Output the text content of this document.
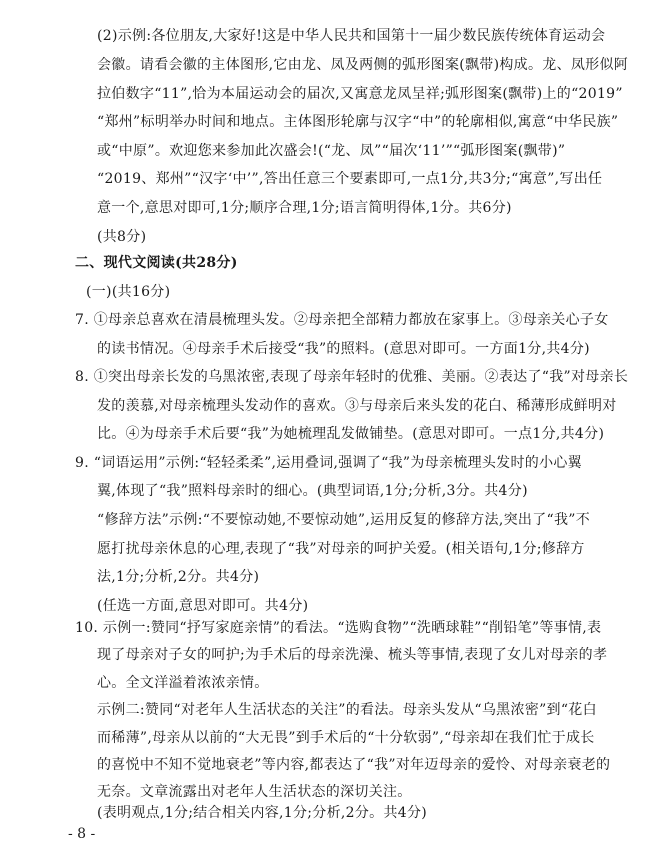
(2)示例:各位朋友,大家好!这是中华人民共和国第十一届少数民族传统体育运动会
会徽。请看会徽的主体图形,它由龙、凤及两侧的弧形图案(飘带)构成。龙、凤形似阿
拉伯数字“11”,恰为本届运动会的届次,又寓意龙凤呈祥;弧形图案(飘带)上的“2019”
“郑州”标明举办时间和地点。主体图形轮廓与汉字“中”的轮廓相似,寓意“中华民族”
或“中原”。欢迎您来参加此次盛会!(“龙、凤”“届次‘11’”“弧形图案(飘带)”
“2019、郑州”“汉字‘中’”,答出任意三个要素即可,一点1分,共3分;“寓意”,写出任
意一个,意思对即可,1分;顺序合理,1分;语言简明得体,1分。共6分)
(共8分)
二、现代文阅读(共28分)
(一)(共16分)
7. ①母亲总喜欢在清晨梳理头发。②母亲把全部精力都放在家事上。③母亲关心子女
的读书情况。④母亲手术后接受“我”的照料。(意思对即可。一方面1分,共4分)
8. ①突出母亲长发的乌黑浓密,表现了母亲年轻时的优雅、美丽。②表达了“我”对母亲长
发的羡慕,对母亲梳理头发动作的喜欢。③与母亲后来头发的花白、稀薄形成鲜明对
比。④为母亲手术后要“我”为她梳理乱发做铺垫。(意思对即可。一点1分,共4分)
9. “词语运用”示例:“轻轻柔柔”,运用叠词,强调了“我”为母亲梳理头发时的小心翼
翼,体现了“我”照料母亲时的细心。(典型词语,1分;分析,3分。共4分)
“修辞方法”示例:“不要惊动她,不要惊动她”,运用反复的修辞方法,突出了“我”不
愿打扰母亲休息的心理,表现了“我”对母亲的呵护关爱。(相关语句,1分;修辞方
法,1分;分析,2分。共4分)
(任选一方面,意思对即可。共4分)
10. 示例一:赞同“抒写家庭亲情”的看法。“选购食物”“洗晒球鞋”“削铅笔”等事情,表
现了母亲对子女的呵护;为手术后的母亲洗澡、梳头等事情,表现了女儿对母亲的孝
心。全文洋溢着浓浓亲情。
示例二:赞同“对老年人生活状态的关注”的看法。母亲头发从“乌黑浓密”到“花白
而稀薄”,母亲从以前的“大无畏”到手术后的“十分软弱”,“母亲却在我们忙于成长
的喜悦中不知不觉地衰老”等内容,都表达了“我”对年迈母亲的爱怜、对母亲衰老的
无奈。文章流露出对老年人生活状态的深切关注。
(表明观点,1分;结合相关内容,1分;分析,2分。共4分)
- 8 -
